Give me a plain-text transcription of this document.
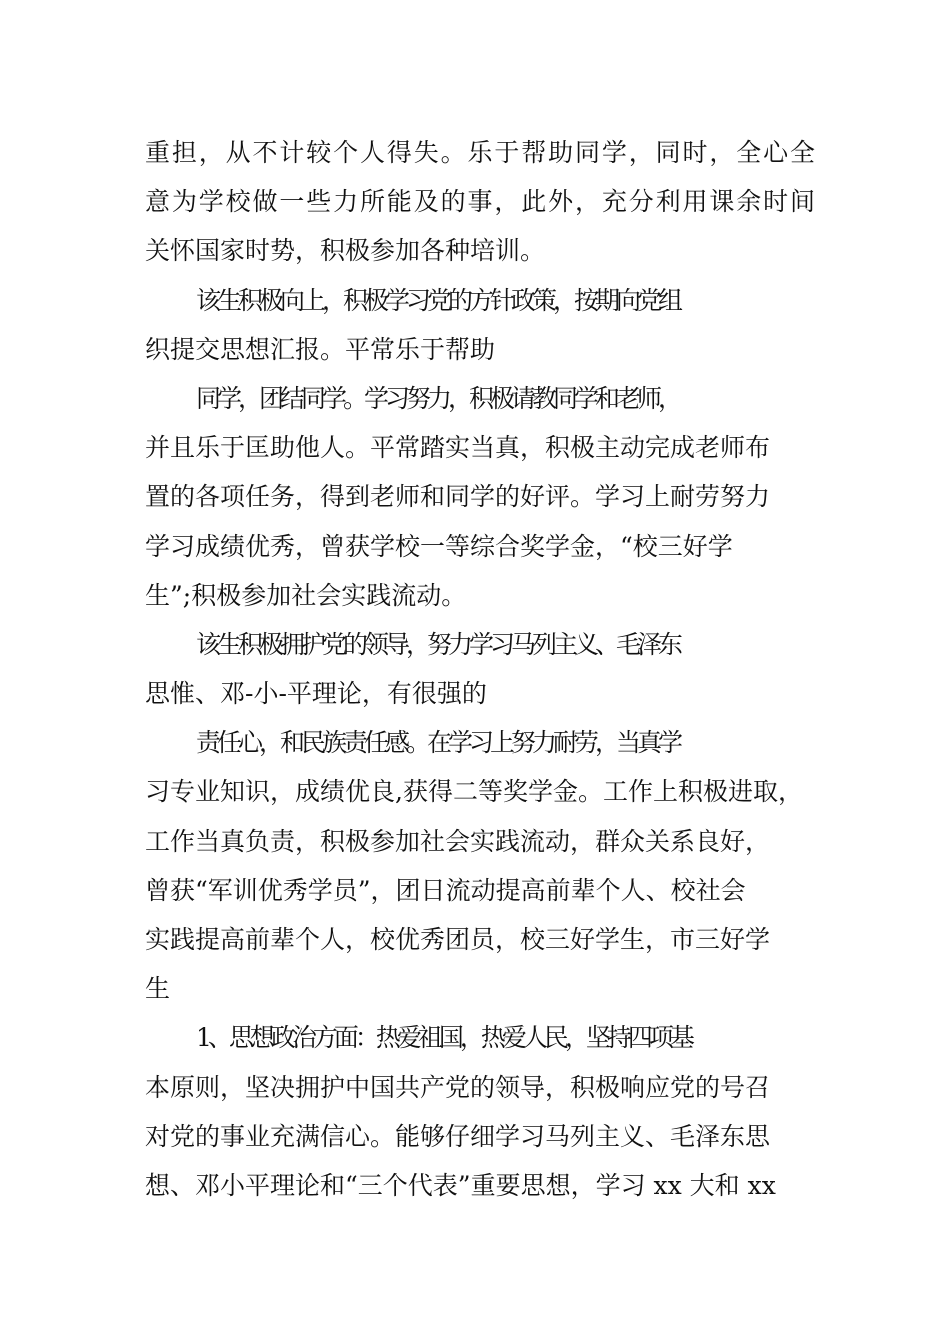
重担，从不计较个人得失。乐于帮助同学，同时，全心全
意为学校做一些力所能及的事，此外，充分利用课余时间
关怀国家时势，积极参加各种培训。
该生积极向上，积极学习党的方针政策，按期向党组
织提交思想汇报。平常乐于帮助
同学，团结同学。学习努力，积极请教同学和老师，
并且乐于匡助他人。平常踏实当真，积极主动完成老师布
置的各项任务，得到老师和同学的好评。学习上耐劳努力
学习成绩优秀，曾获学校一等综合奖学金，“校三好学
生”;积极参加社会实践流动。
该生积极拥护党的领导，努力学习马列主义、毛泽东
思惟、邓-小-平理论，有很强的
责任心，和民族责任感。在学习上努力耐劳，当真学
习专业知识，成绩优良,获得二等奖学金。工作上积极进取，
工作当真负责，积极参加社会实践流动，群众关系良好，
曾获“军训优秀学员”，团日流动提高前辈个人、校社会
实践提高前辈个人，校优秀团员，校三好学生，市三好学
生
1、思想政治方面：热爱祖国，热爱人民，坚持四项基
本原则，坚决拥护中国共产党的领导，积极响应党的号召
对党的事业充满信心。能够仔细学习马列主义、毛泽东思
想、邓小平理论和“三个代表”重要思想，学习 xx 大和 xx
